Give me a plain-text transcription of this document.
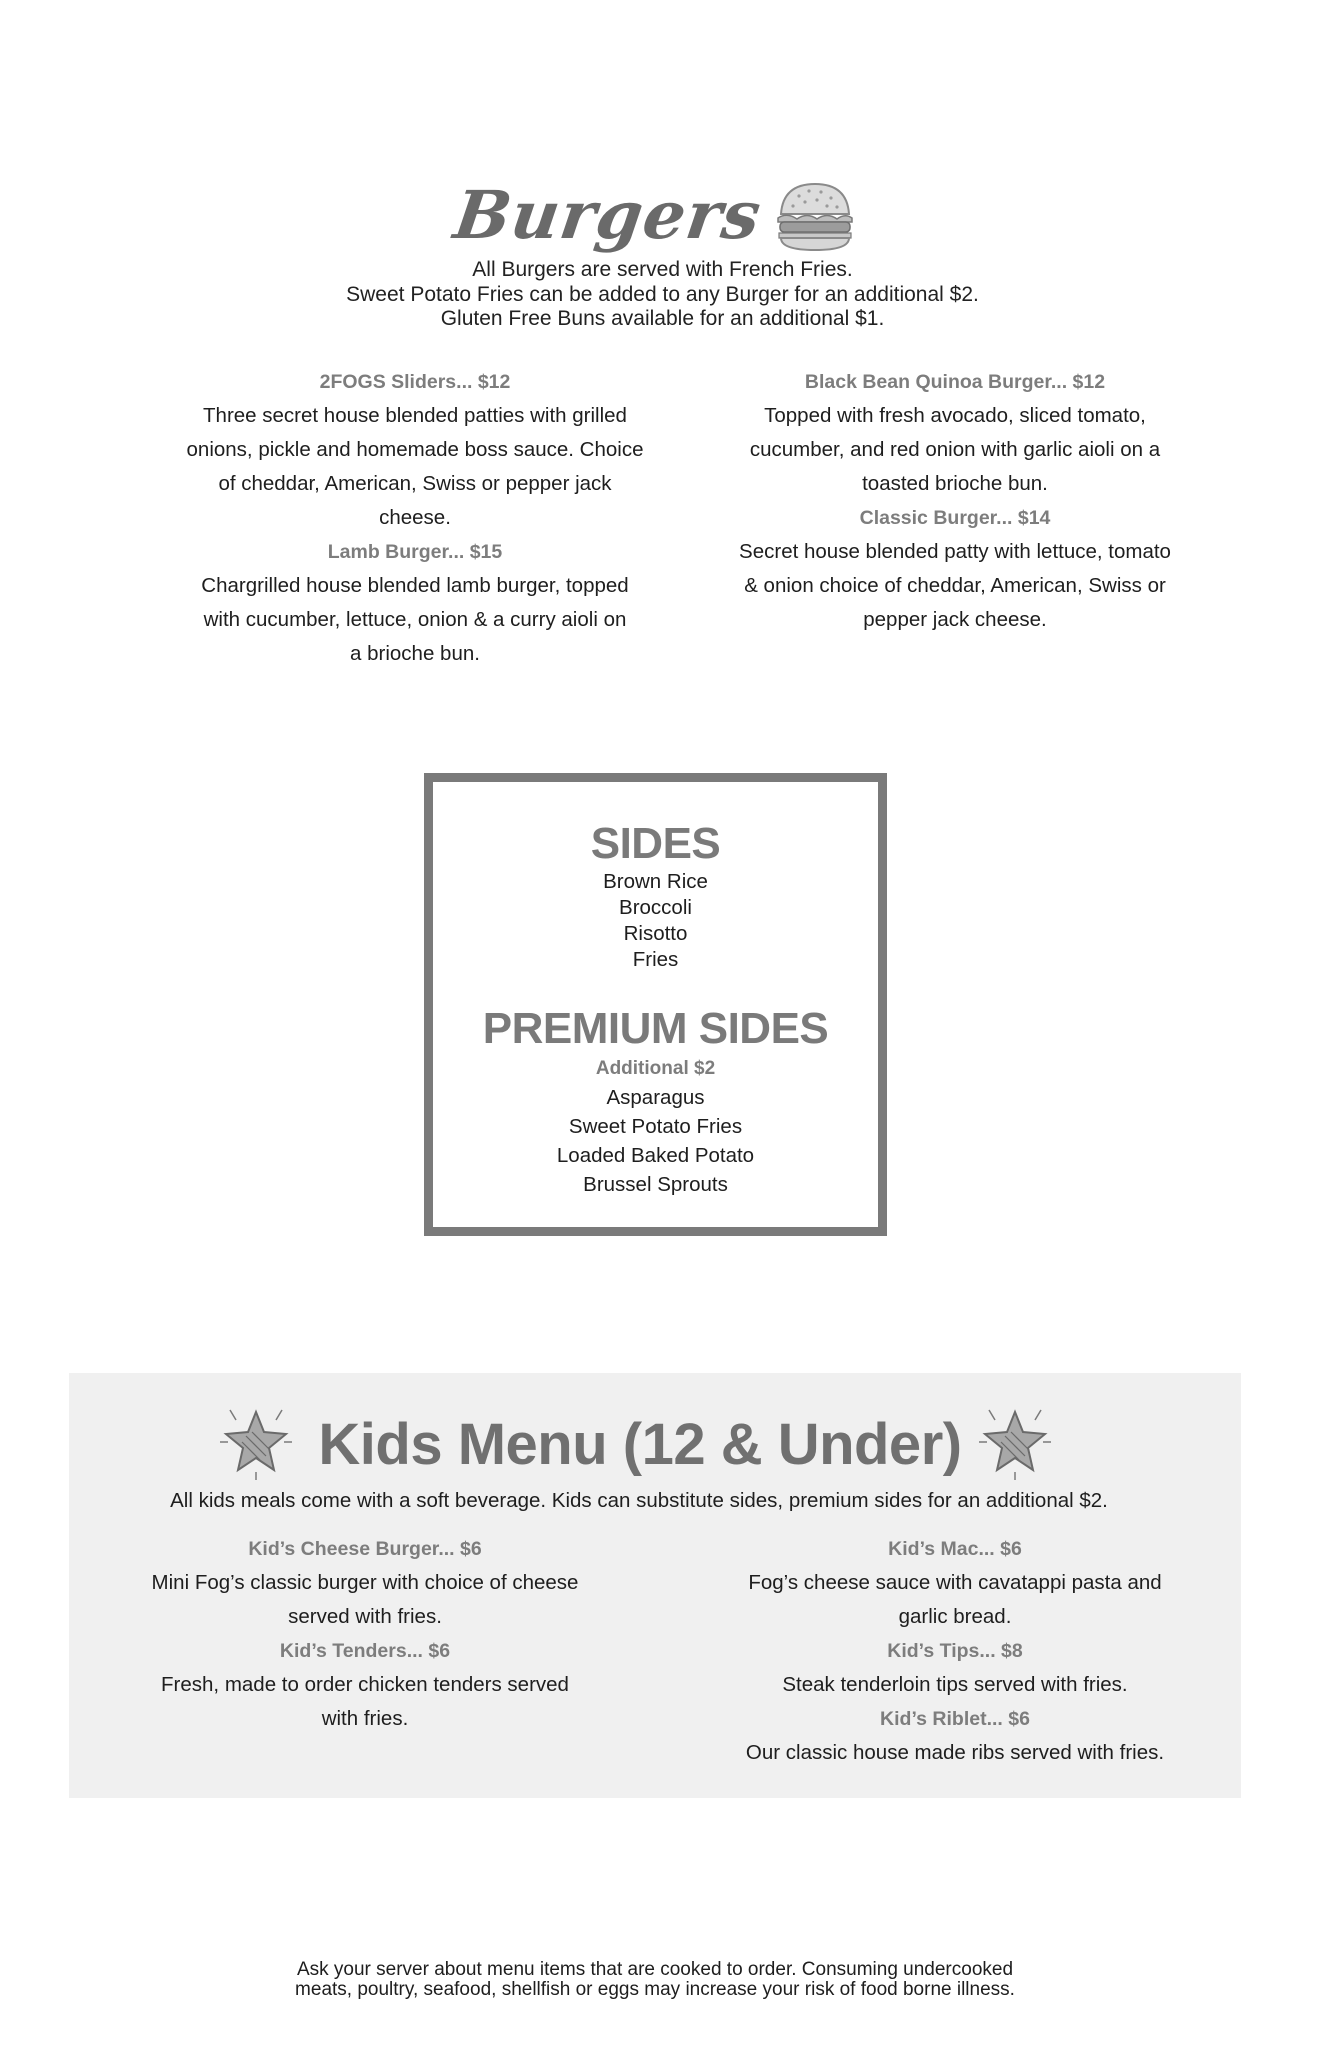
Burgers
All Burgers are served with French Fries.
Sweet Potato Fries can be added to any Burger for an additional $2.
Gluten Free Buns available for an additional $1.
2FOGS Sliders... $12
Three secret house blended patties with grilled
onions, pickle and homemade boss sauce. Choice
of cheddar, American, Swiss or pepper jack
cheese.
Lamb Burger... $15
Chargrilled house blended lamb burger, topped
with cucumber, lettuce, onion & a curry aioli on
a brioche bun.
Black Bean Quinoa Burger... $12
Topped with fresh avocado, sliced tomato,
cucumber, and red onion with garlic aioli on a
toasted brioche bun.
Classic Burger... $14
Secret house blended patty with lettuce, tomato
& onion choice of cheddar, American, Swiss or
pepper jack cheese.
SIDES
Brown Rice
Broccoli
Risotto
Fries
PREMIUM SIDES
Additional $2
Asparagus
Sweet Potato Fries
Loaded Baked Potato
Brussel Sprouts
Kids Menu (12 & Under)
All kids meals come with a soft beverage. Kids can substitute sides, premium sides for an additional $2.
Kid’s Cheese Burger... $6
Mini Fog’s classic burger with choice of cheese
served with fries.
Kid’s Tenders... $6
Fresh, made to order chicken tenders served
with fries.
Kid’s Mac... $6
Fog’s cheese sauce with cavatappi pasta and
garlic bread.
Kid’s Tips... $8
Steak tenderloin tips served with fries.
Kid’s Riblet... $6
Our classic house made ribs served with fries.
Ask your server about menu items that are cooked to order. Consuming undercooked
meats, poultry, seafood, shellfish or eggs may increase your risk of food borne illness.
